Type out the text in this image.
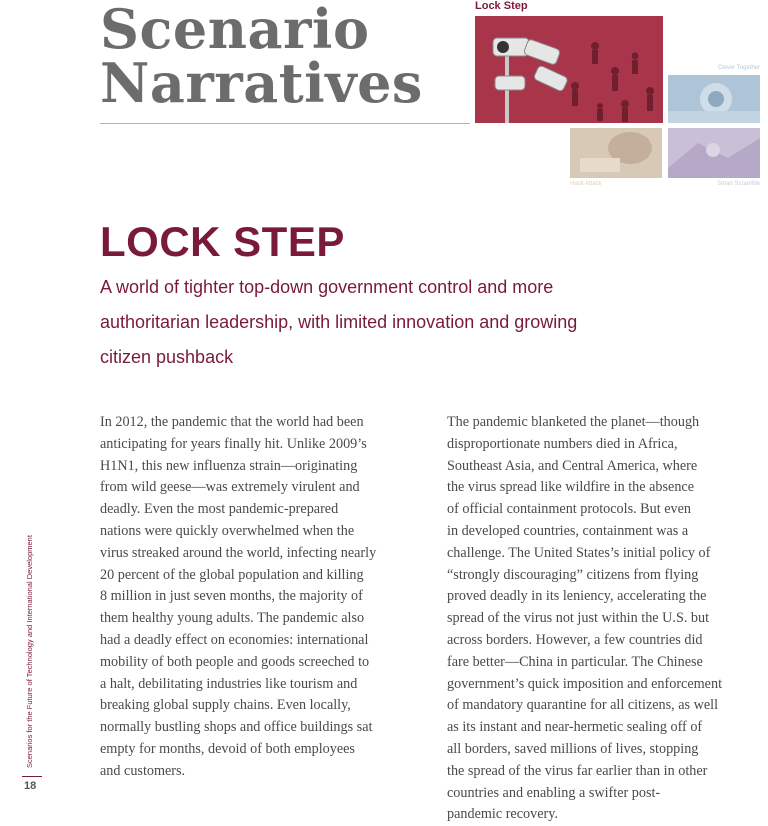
Scenario
Narratives
Lock Step
Clever Together
Hack Attack	Smart Scramble
LOCK STEP

A world of tighter top-down government control and more
authoritarian leadership, with limited innovation and growing
citizen pushback

In 2012, the pandemic that the world had been
anticipating for years finally hit. Unlike 2009’s
H1N1, this new influenza strain—originating
from wild geese—was extremely virulent and
deadly. Even the most pandemic-prepared
nations were quickly overwhelmed when the
virus streaked around the world, infecting nearly
20 percent of the global population and killing
8 million in just seven months, the majority of
them healthy young adults. The pandemic also
had a deadly effect on economies: international
mobility of both people and goods screeched to
a halt, debilitating industries like tourism and
breaking global supply chains. Even locally,
normally bustling shops and office buildings sat
empty for months, devoid of both employees
and customers.

The pandemic blanketed the planet—though
disproportionate numbers died in Africa,
Southeast Asia, and Central America, where
the virus spread like wildfire in the absence
of official containment protocols. But even
in developed countries, containment was a
challenge. The United States’s initial policy of
“strongly discouraging” citizens from flying
proved deadly in its leniency, accelerating the
spread of the virus not just within the U.S. but
across borders. However, a few countries did
fare better—China in particular. The Chinese
government’s quick imposition and enforcement
of mandatory quarantine for all citizens, as well
as its instant and near-hermetic sealing off of
all borders, saved millions of lives, stopping
the spread of the virus far earlier than in other
countries and enabling a swifter post-
pandemic recovery.

Scenarios for the Future of Technology and International Development
18
